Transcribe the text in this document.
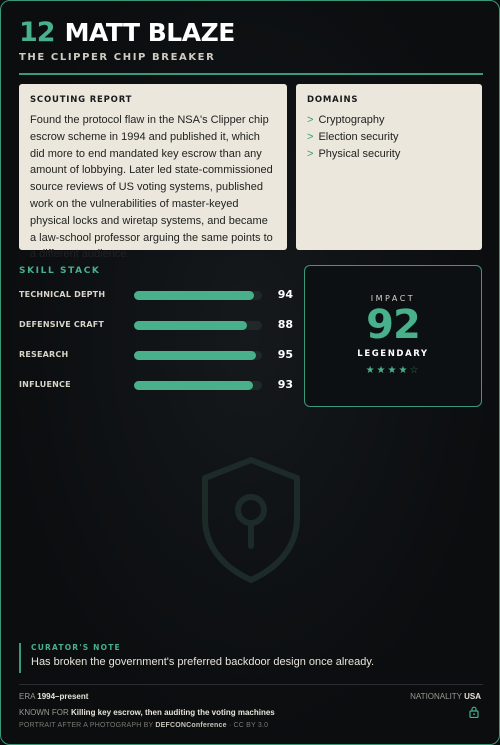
12 MATT BLAZE
THE CLIPPER CHIP BREAKER
SCOUTING REPORT
Found the protocol flaw in the NSA's Clipper chip escrow scheme in 1994 and published it, which did more to end mandated key escrow than any amount of lobbying. Later led state-commissioned source reviews of US voting systems, published work on the vulnerabilities of master-keyed physical locks and wiretap systems, and became a law-school professor arguing the same points to a different audience.
DOMAINS
> Cryptography
> Election security
> Physical security
SKILL STACK
TECHNICAL DEPTH	94
DEFENSIVE CRAFT	88
RESEARCH	95
INFLUENCE	93
IMPACT
92
LEGENDARY
★★★★☆
CURATOR'S NOTE
Has broken the government's preferred backdoor design once already.
ERA 1994–present
KNOWN FOR Killing key escrow, then auditing the voting machines
PORTRAIT AFTER A PHOTOGRAPH BY DEFCONConference · CC BY 3.0
NATIONALITY USA
